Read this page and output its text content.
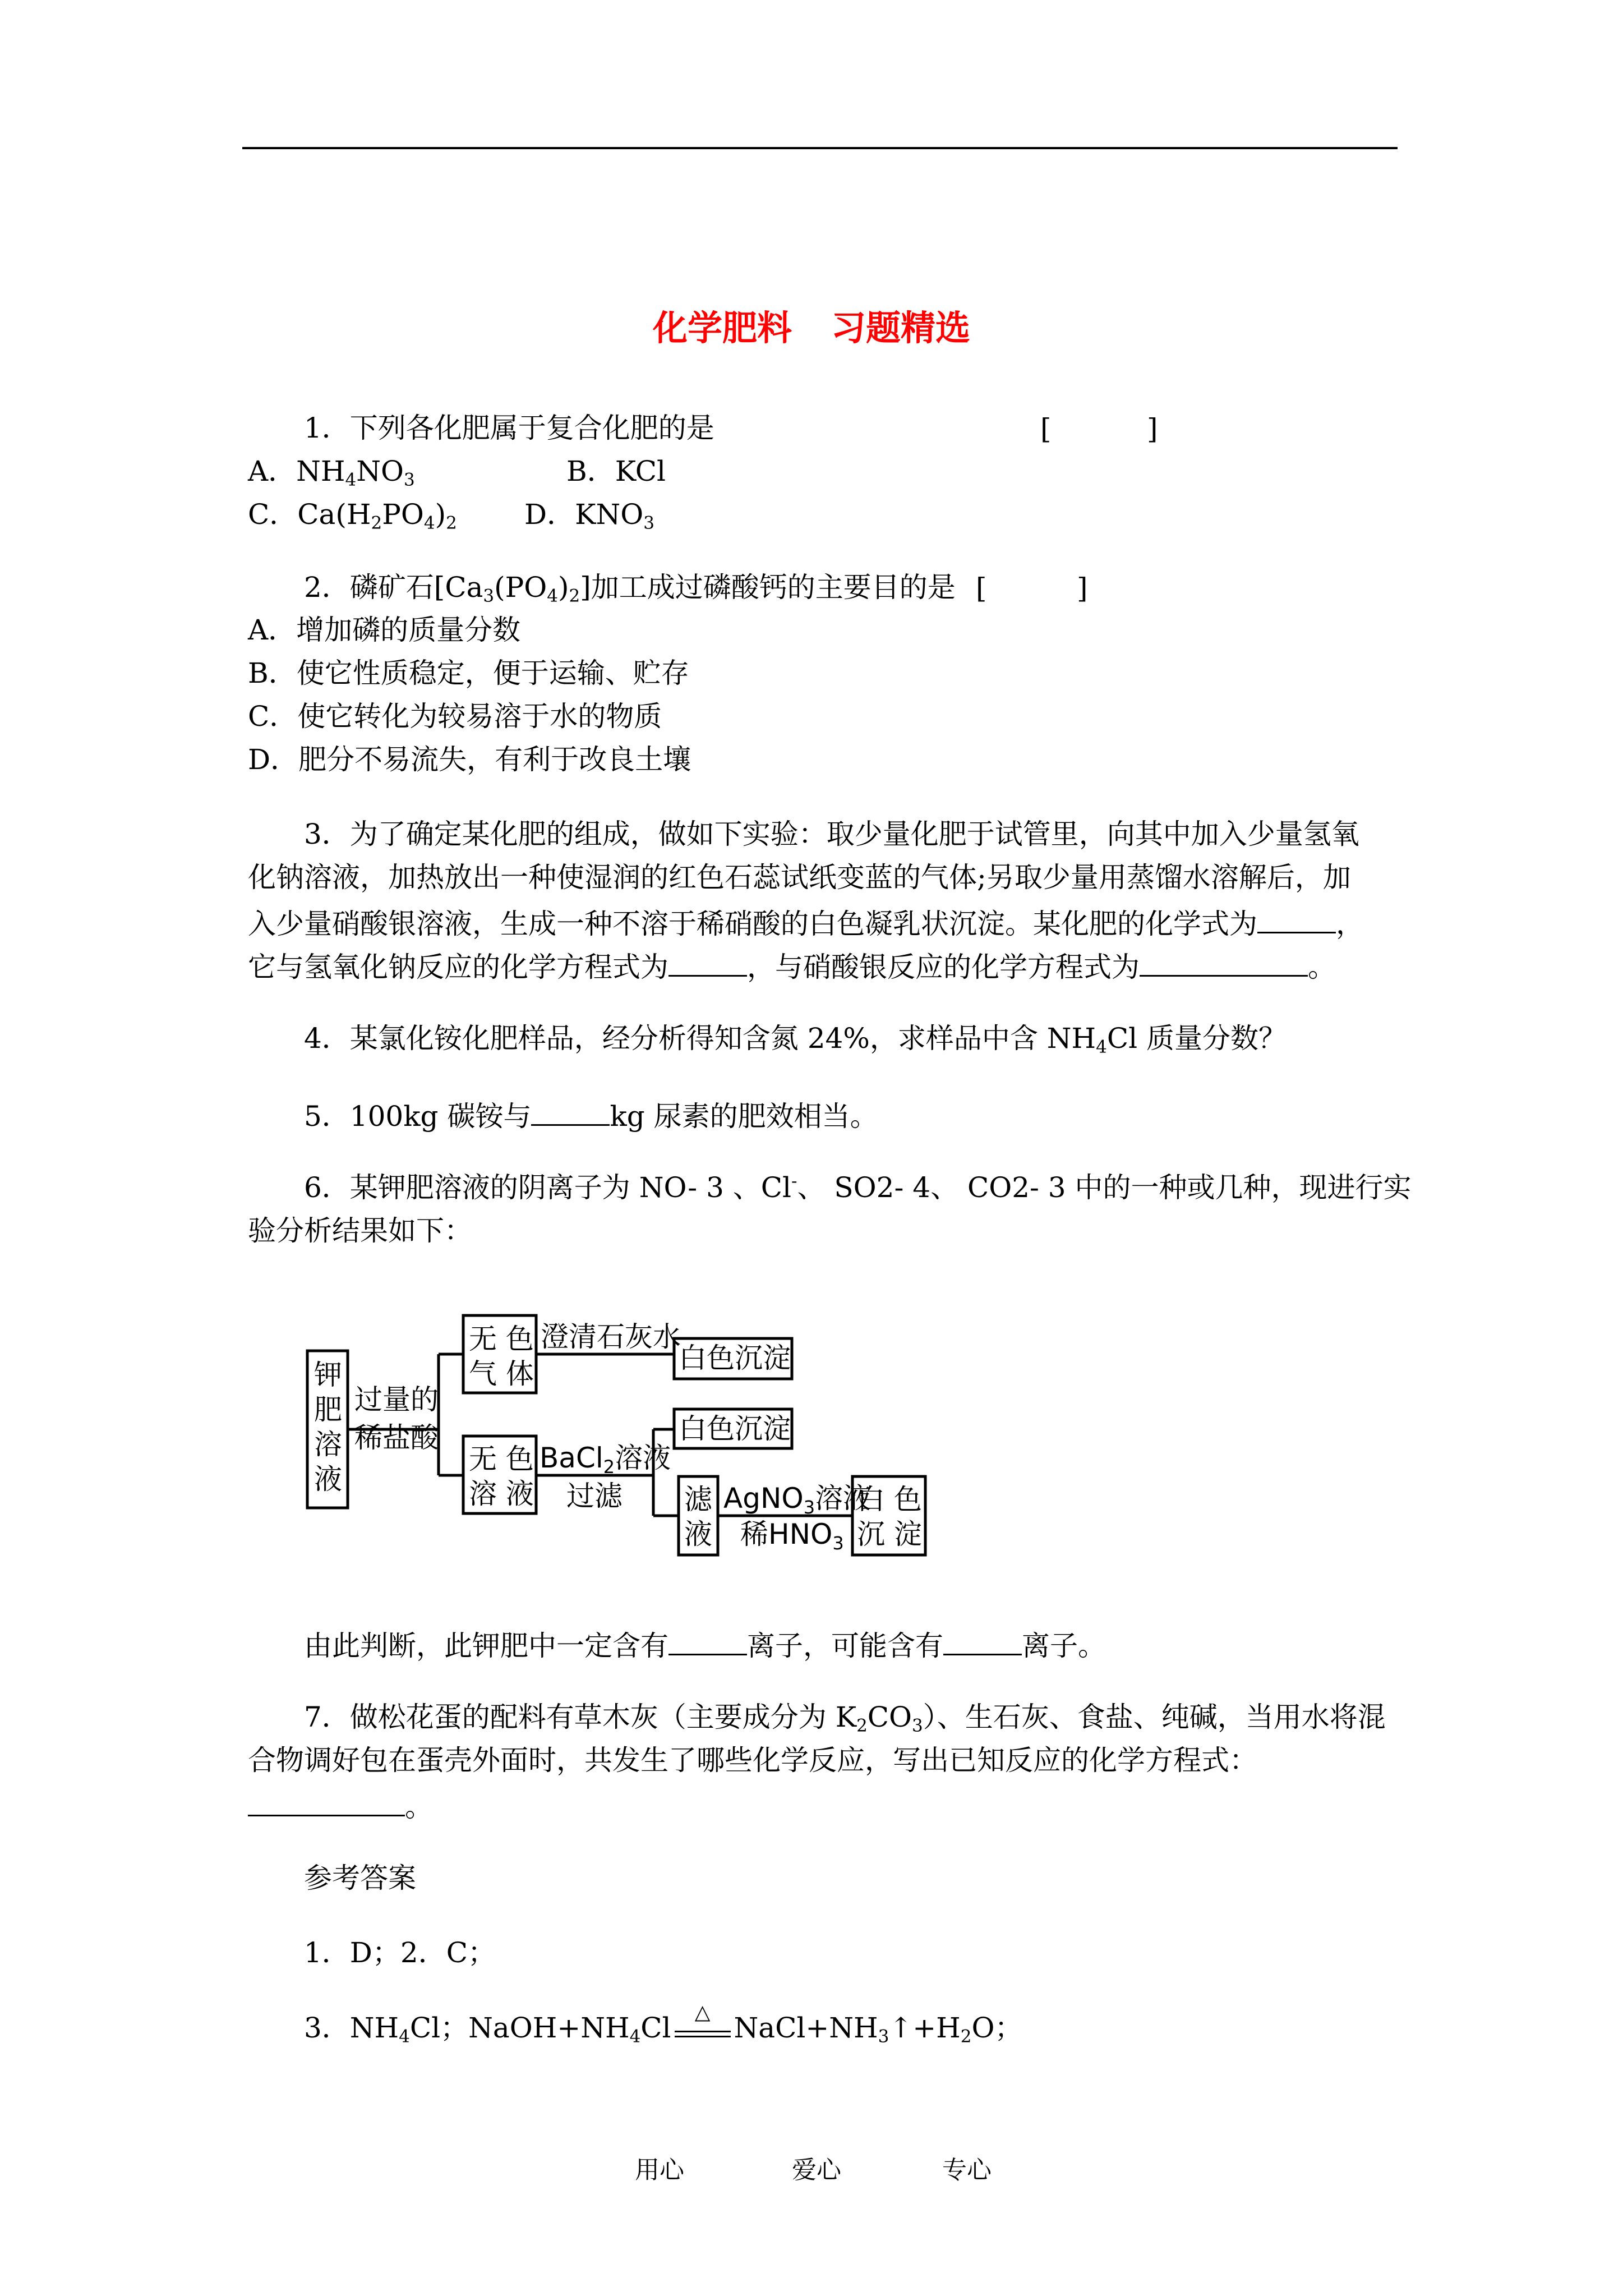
化学肥料 习题精选
1．下列各化肥属于复合化肥的是	[	]
A．$NH_4NO_3$	B．KCl
C．$Ca(H_2PO_4)_2$ D．$KNO_3$
2．磷矿石$[Ca_3(PO_4)_2]$加工成过磷酸钙的主要目的是 [	]
A．增加磷的质量分数
B．使它性质稳定，便于运输、贮存
C．使它转化为较易溶于水的物质
D．肥分不易流失，有利于改良土壤
3．为了确定某化肥的组成，做如下实验：取少量化肥于试管里，向其中加入少量氢氧
化钠溶液，加热放出一种使湿润的红色石蕊试纸变蓝的气体;另取少量用蒸馏水溶解后，加
入少量硝酸银溶液，生成一种不溶于稀硝酸的白色凝乳状沉淀。某化肥的化学式为	，
它与氢氧化钠反应的化学方程式为	，与硝酸银反应的化学方程式为	。
4．某氯化铵化肥样品，经分析得知含氮 24%，求样品中含 $NH_4Cl$ 质量分数？
5．100kg 碳铵与	kg 尿素的肥效相当。
6．某钾肥溶液的阴离子为 NO- 3 、Cl-、 SO2- 4、 CO2- 3 中的一种或几种，现进行实
验分析结果如下：
钾
肥
溶
液
过量的
稀盐酸
无 色
气 体
澄清石灰水
白色沉淀
无 色
溶 液
BaCl$_2$溶液
过滤
白色沉淀
滤
液
AgNO$_3$溶液
稀$HNO_3$
白 色
沉 淀
由此判断，此钾肥中一定含有	离子，可能含有	离子。
7．做松花蛋的配料有草木灰（主要成分为 $K_2CO_3$）、生石灰、食盐、纯碱，当用水将混
合物调好包在蛋壳外面时，共发生了哪些化学反应，写出已知反应的化学方程式：
。
参考答案
1．D；2．C；
3．$NH_4Cl$；$NaOH+NH_4Cl$	△ $NaCl+NH_3↑+H_2O$；
用心	爱心	专心
